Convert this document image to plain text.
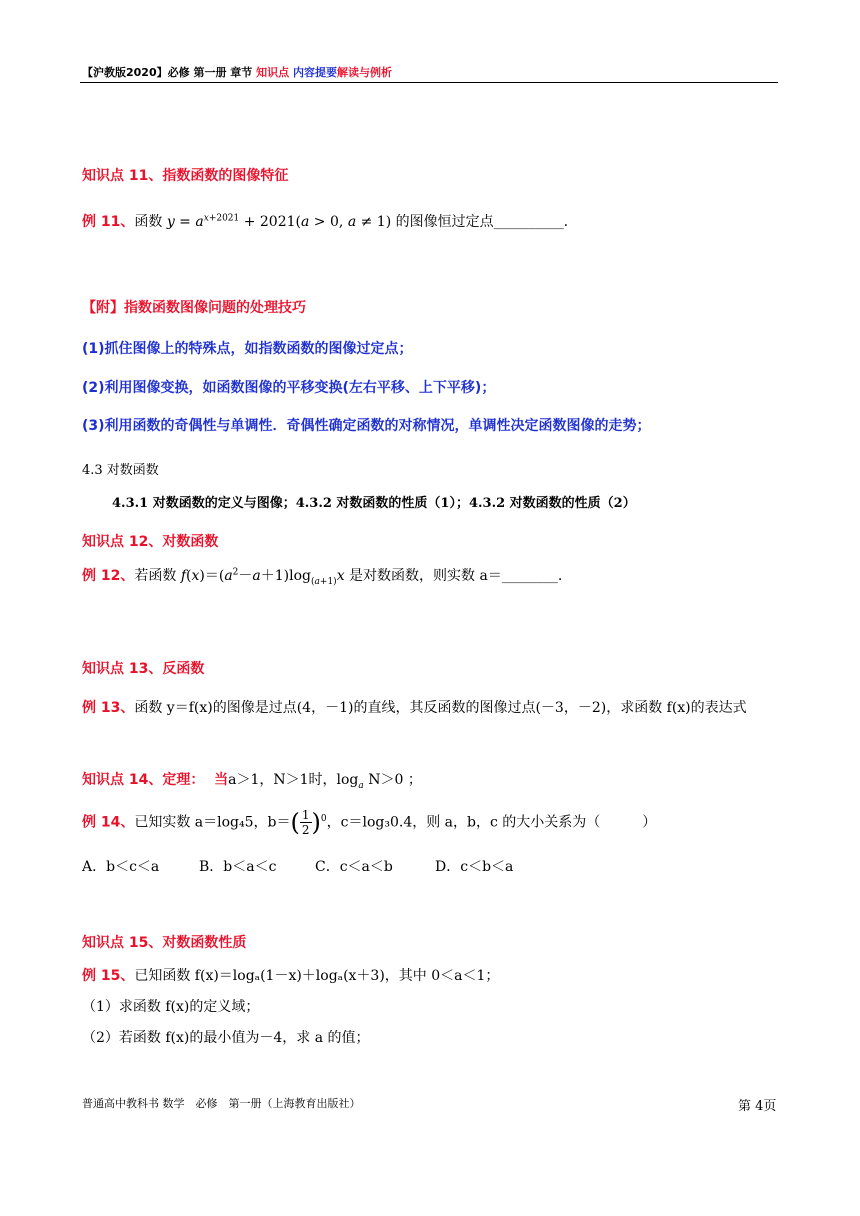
【沪教版2020】必修 第一册 章节 知识点 内容提要解读与例析
知识点 11、指数函数的图像特征
例 11、函数 $y = a^{x+2021} + 2021(a > 0$, a ≠ 1) 的图像恒过定点__________.
【附】指数函数图像问题的处理技巧
(1)抓住图像上的特殊点，如指数函数的图像过定点；
(2)利用图像变换，如函数图像的平移变换(左右平移、上下平移)；
(3)利用函数的奇偶性与单调性．奇偶性确定函数的对称情况，单调性决定函数图像的走势；
4.3 对数函数
4.3.1 对数函数的定义与图像；4.3.2 对数函数的性质（1）；4.3.2 对数函数的性质（2）
知识点 12、对数函数
例 12、若函数 $f(x)=(a^2-a+1)\log_{(a+1)}x$ 是对数函数，则实数 a＝________.
知识点 13、反函数
例 13、函数 y＝f(x)的图像是过点(4，－1)的直线，其反函数的图像过点(－3，－2)，求函数 f(x)的表达式
知识点 14、定理： 当a＞1，N＞1时，$\log_a N>0$ ；
例 14、已知实数 a＝log₄5，$b=( \frac{1}{2} )^0$，c＝log₃0.4，则 a，b，c 的大小关系为（　　　）
A．b＜c＜a	B．b＜a＜c	C．c＜a＜b	D．c＜b＜a
知识点 15、对数函数性质
例 15、已知函数 f(x)＝logₐ(1－x)＋logₐ(x＋3)，其中 0＜a＜1；
（1）求函数 f(x)的定义域；
（2）若函数 f(x)的最小值为－4，求 a 的值；
普通高中教科书 数学　必修　第一册（上海教育出版社）	第 4页
